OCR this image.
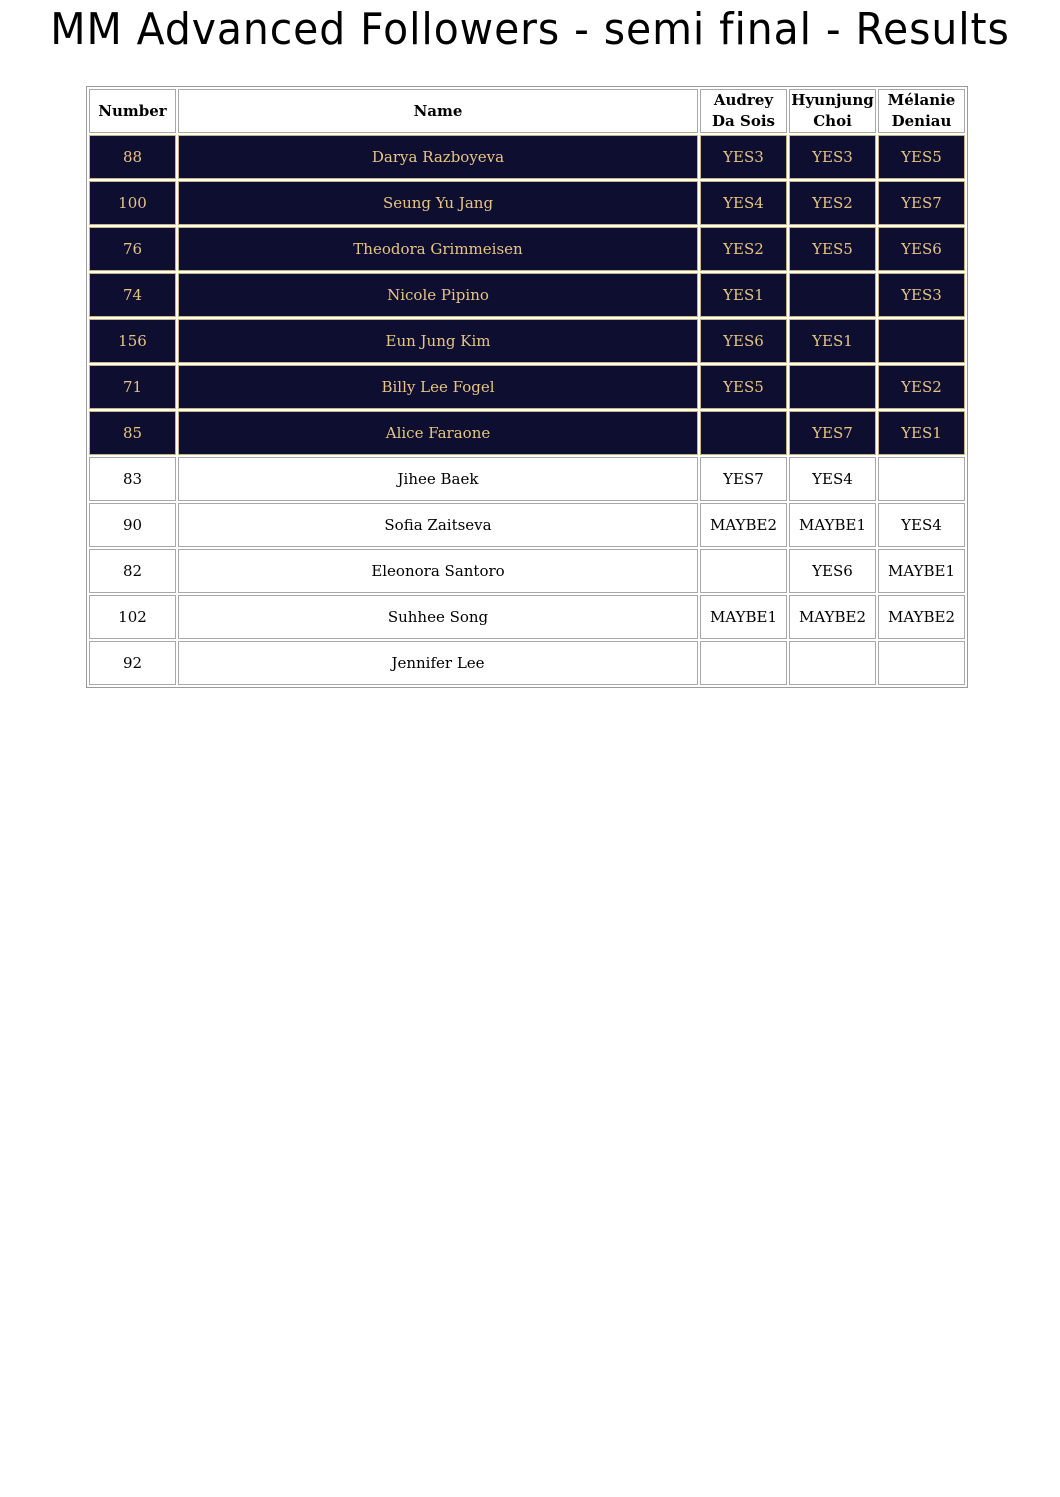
MM Advanced Followers - semi final - Results
Number	Name	Audrey Da Sois	Hyunjung Choi	Mélanie Deniau
88	Darya Razboyeva	YES3	YES3	YES5
100	Seung Yu Jang	YES4	YES2	YES7
76	Theodora Grimmeisen	YES2	YES5	YES6
74	Nicole Pipino	YES1		YES3
156	Eun Jung Kim	YES6	YES1	
71	Billy Lee Fogel	YES5		YES2
85	Alice Faraone		YES7	YES1
83	Jihee Baek	YES7	YES4	
90	Sofia Zaitseva	MAYBE2	MAYBE1	YES4
82	Eleonora Santoro		YES6	MAYBE1
102	Suhhee Song	MAYBE1	MAYBE2	MAYBE2
92	Jennifer Lee			
